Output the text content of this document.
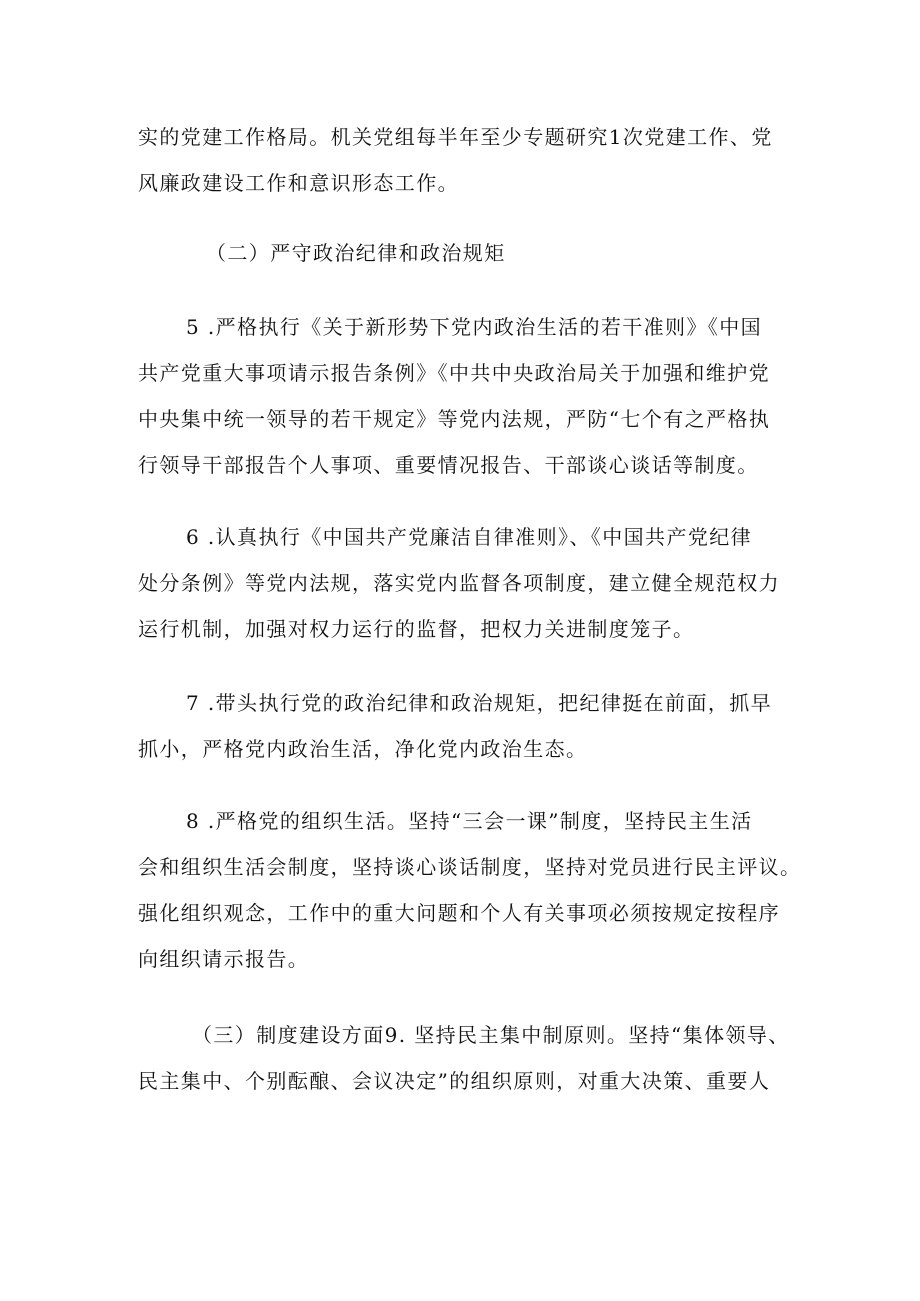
实的党建工作格局。机关党组每半年至少专题研究1次党建工作、党
风廉政建设工作和意识形态工作。

（二）严守政治纪律和政治规矩

5 .严格执行《关于新形势下党内政治生活的若干准则》《中国
共产党重大事项请示报告条例》《中共中央政治局关于加强和维护党
中央集中统一领导的若干规定》等党内法规，严防“七个有之严格执
行领导干部报告个人事项、重要情况报告、干部谈心谈话等制度。

6 .认真执行《中国共产党廉洁自律准则》、《中国共产党纪律
处分条例》等党内法规，落实党内监督各项制度，建立健全规范权力
运行机制，加强对权力运行的监督，把权力关进制度笼子。

7 .带头执行党的政治纪律和政治规矩，把纪律挺在前面，抓早
抓小，严格党内政治生活，净化党内政治生态。

8 .严格党的组织生活。坚持“三会一课”制度，坚持民主生活
会和组织生活会制度，坚持谈心谈话制度，坚持对党员进行民主评议。
强化组织观念，工作中的重大问题和个人有关事项必须按规定按程序
向组织请示报告。

（三）制度建设方面9. 坚持民主集中制原则。坚持“集体领导、
民主集中、个别酝酿、会议决定”的组织原则，对重大决策、重要人
